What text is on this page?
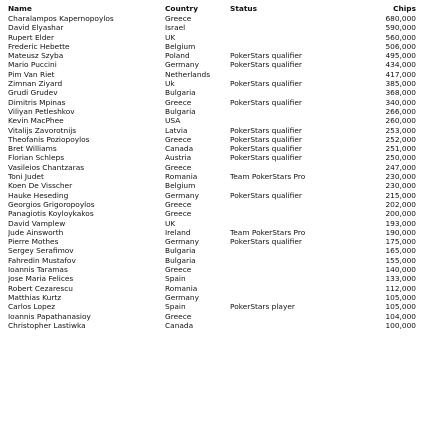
Name	Country	Status	Chips
Charalampos Kapernopoylos	Greece		680,000
David Elyashar	Israel		590,000
Rupert Elder	UK		560,000
Frederic Hebette	Belgium		506,000
Mateusz Szyba	Poland	PokerStars qualifier	495,000
Mario Puccini	Germany	PokerStars qualifier	434,000
Pim Van Riet	Netherlands		417,000
Zimnan Ziyard	Uk	PokerStars qualifier	385,000
Grudi Grudev	Bulgaria		368,000
Dimitris Mpinas	Greece	PokerStars qualifier	340,000
Viliyan Petleshkov	Bulgaria		266,000
Kevin MacPhee	USA		260,000
Vitalijs Zavorotnijs	Latvia	PokerStars qualifier	253,000
Theofanis Poziopoylos	Greece	PokerStars qualifier	252,000
Bret Williams	Canada	PokerStars qualifier	251,000
Florian Schleps	Austria	PokerStars qualifier	250,000
Vasileios Chantzaras	Greece		247,000
Toni Judet	Romania	Team PokerStars Pro	230,000
Koen De Visscher	Belgium		230,000
Hauke Heseding	Germany	PokerStars qualifier	215,000
Georgios Grigoropoylos	Greece		202,000
Panagiotis Koyloykakos	Greece		200,000
David Vamplew	UK		193,000
Jude Ainsworth	Ireland	Team PokerStars Pro	190,000
Pierre Mothes	Germany	PokerStars qualifier	175,000
Sergey Serafimov	Bulgaria		165,000
Fahredin Mustafov	Bulgaria		155,000
Ioannis Taramas	Greece		140,000
Jose Maria Felices	Spain		133,000
Robert Cezarescu	Romania		112,000
Matthias Kurtz	Germany		105,000
Carlos Lopez	Spain	PokerStars player	105,000
Ioannis Papathanasioy	Greece		104,000
Christopher Lastiwka	Canada		100,000
